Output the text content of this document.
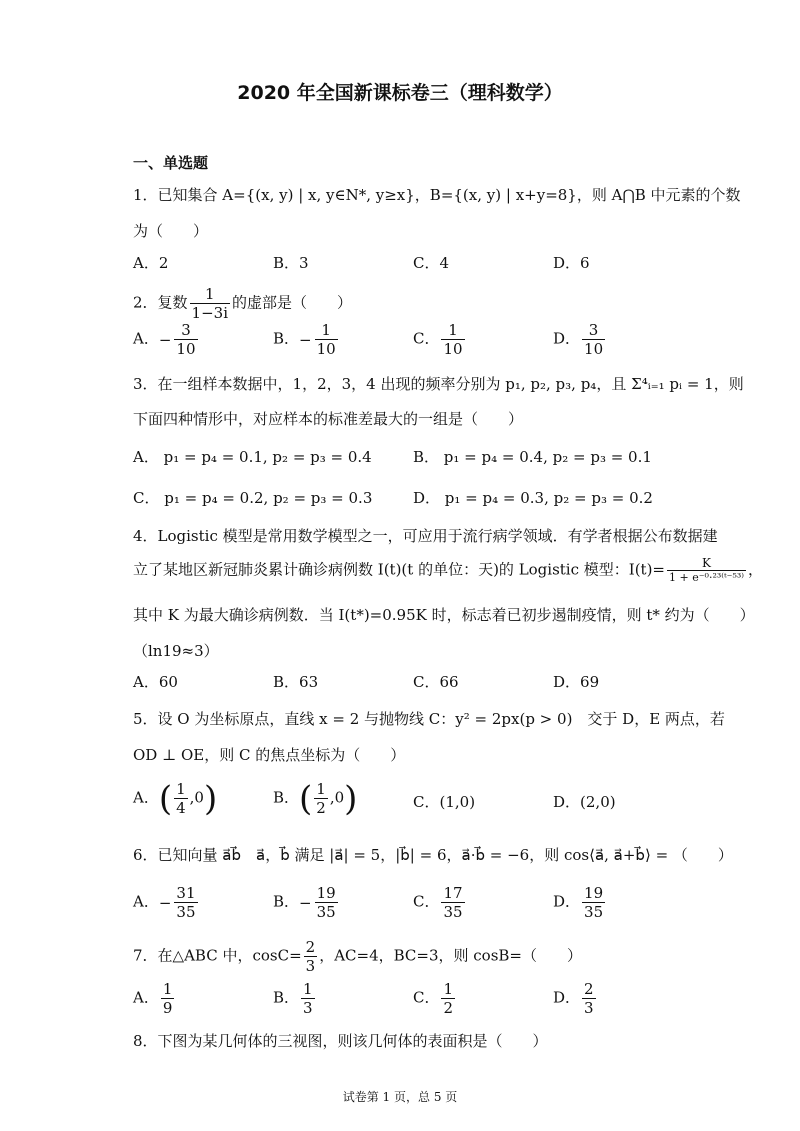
2020 年全国新课标卷三（理科数学）
一、单选题
1．已知集合 A={(x, y) | x, y∈N*, y≥x}，B={(x, y) | x+y=8}，则 A⋂B 中元素的个数
为（　　）
A．2	B．3	C．4	D．6
2．复数 $\frac{1}{1-3i}$ 的虚部是（　　）
A．− $\frac{3}{10}$	B．− $\frac{1}{10}$	C． $\frac{1}{10}$	D． $\frac{3}{10}$
3．在一组样本数据中，1，2，3，4 出现的频率分别为 p₁, p₂, p₃, p₄，且 Σ⁴ᵢ₌₁ pᵢ = 1，则
下面四种情形中，对应样本的标准差最大的一组是（　　）
A． p₁ = p₄ = 0.1, p₂ = p₃ = 0.4	B． p₁ = p₄ = 0.4, p₂ = p₃ = 0.1
C． p₁ = p₄ = 0.2, p₂ = p₃ = 0.3	D． p₁ = p₄ = 0.3, p₂ = p₃ = 0.2
4．Logistic 模型是常用数学模型之一，可应用于流行病学领域．有学者根据公布数据建
立了某地区新冠肺炎累计确诊病例数 I(t)(t 的单位：天)的 Logistic 模型：$I(t)= \frac{K}{\text{1 + e⁻⁰·²³⁽ᵗ⁻⁵³⁾}}$ ，
其中 K 为最大确诊病例数．当 I(t*)=0.95K 时，标志着已初步遏制疫情，则 t* 约为（　　）
（ln19≈3）
A．60	B．63	C．66	D．69
5．设 O 为坐标原点，直线 x = 2 与抛物线 C：y² = 2px(p > 0)　交于 D，E 两点，若
OD ⊥ OE，则 C 的焦点坐标为（　　）
A．( $\frac{1}{4} ,0$)	B．( $\frac{1}{2} ,0$)	C．(1,0)	D．(2,0)
6．已知向量 a⃗b⃗　a⃗，b⃗ 满足 |a⃗| = 5，|b⃗| = 6，a⃗·b⃗ = −6，则 cos⟨a⃗, a⃗+b⃗⟩ = （　　）
A．− $\frac{31}{35}$	B．− $\frac{19}{35}$	C． $\frac{17}{35}$	D． $\frac{19}{35}$
7．在△ABC 中，$\cos C= \frac{2}{3}$ ，AC=4，BC=3，则 cosB=（　　）
A． $\frac{1}{9}$	B． $\frac{1}{3}$	C． $\frac{1}{2}$	D． $\frac{2}{3}$
8．下图为某几何体的三视图，则该几何体的表面积是（　　）
试卷第 1 页，总 5 页
